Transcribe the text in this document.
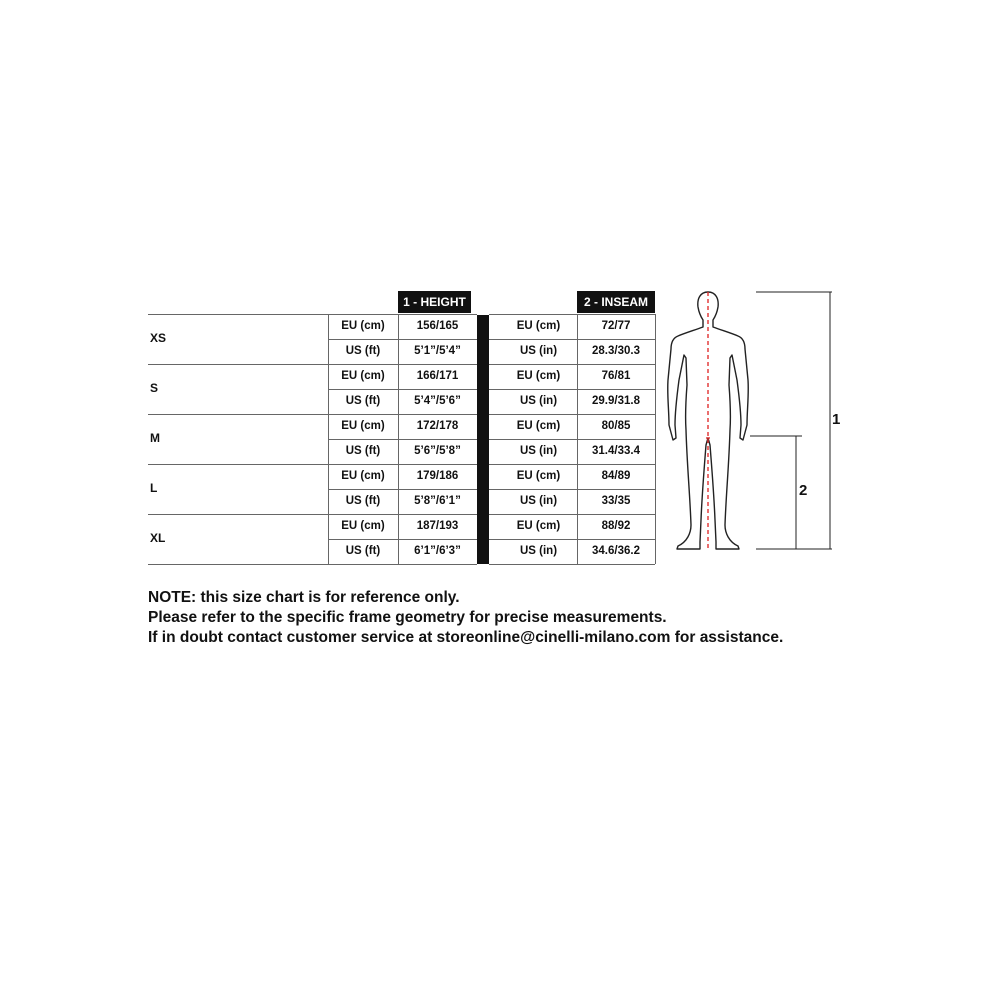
1 - HEIGHT	2 - INSEAM
XS
EU (cm)	156/165	EU (cm)	72/77
US (ft)	5’1”/5’4”	US (in)	28.3/30.3
S
EU (cm)	166/171	EU (cm)	76/81
US (ft)	5’4”/5’6”	US (in)	29.9/31.8
M
EU (cm)	172/178	EU (cm)	80/85
US (ft)	5’6”/5’8”	US (in)	31.4/33.4
L
EU (cm)	179/186	EU (cm)	84/89
US (ft)	5’8”/6’1”	US (in)	33/35
XL
EU (cm)	187/193	EU (cm)	88/92
US (ft)	6’1”/6’3”	US (in)	34.6/36.2
1
2
NOTE: this size chart is for reference only.
Please refer to the specific frame geometry for precise measurements.
If in doubt contact customer service at storeonline@cinelli-milano.com for assistance.
